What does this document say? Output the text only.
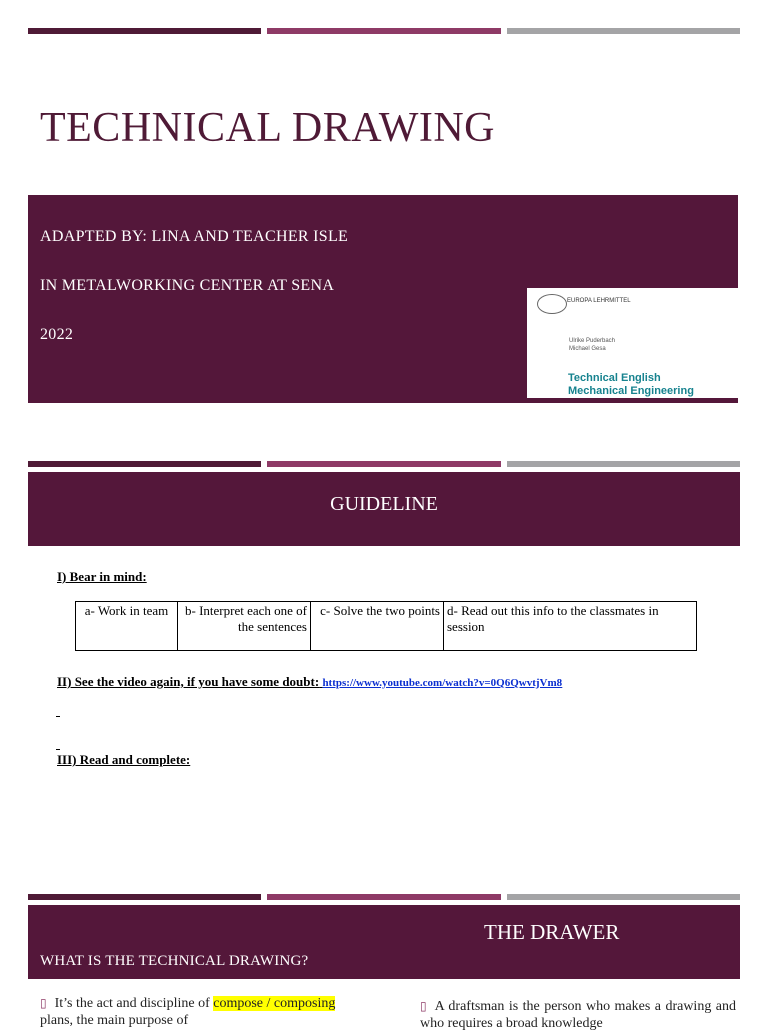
TECHNICAL DRAWING
ADAPTED BY: LINA AND TEACHER ISLE
IN METALWORKING CENTER AT SENA
2022
EUROPA LEHRMITTEL
Ulrike Puderbach
Michael Gesa
Technical English
Mechanical Engineering
GUIDELINE
I) Bear in mind:
a- Work in team	b- Interpret each one of the sentences	c- Solve the two points	d- Read out this info to the classmates in session
II) See the video again, if you have some doubt: https://www.youtube.com/watch?v=0Q6QwvtjVm8
III) Read and complete:
THE DRAWER
WHAT IS THE TECHNICAL DRAWING?
▯ It’s the act and discipline of compose / composing plans, the main purpose of
▯ A draftsman is the person who makes a drawing and who requires a broad knowledge
